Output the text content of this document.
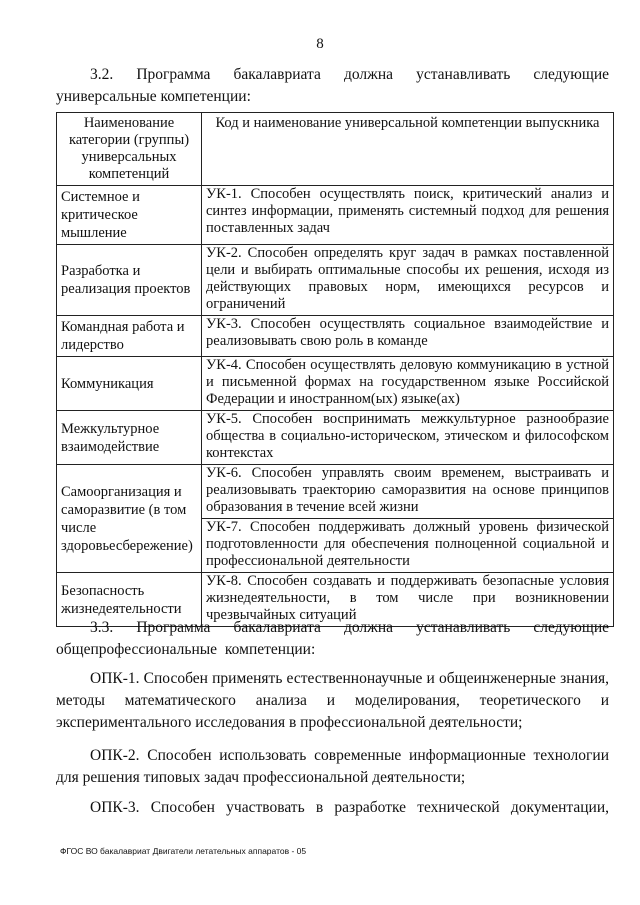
8
3.2. Программа бакалавриата должна устанавливать следующие универсальные компетенции:
Наименование категории (группы) универсальных компетенций	Код и наименование универсальной компетенции выпускника
Системное и критическое мышление	УК-1. Способен осуществлять поиск, критический анализ и синтез информации, применять системный подход для решения поставленных задач
Разработка и реализация проектов	УК-2. Способен определять круг задач в рамках поставленной цели и выбирать оптимальные способы их решения, исходя из действующих правовых норм, имеющихся ресурсов и ограничений
Командная работа и лидерство	УК-3. Способен осуществлять социальное взаимодействие и реализовывать свою роль в команде
Коммуникация	УК-4. Способен осуществлять деловую коммуникацию в устной и письменной формах на государственном языке Российской Федерации и иностранном(ых) языке(ах)
Межкультурное взаимодействие	УК-5. Способен воспринимать межкультурное разнообразие общества в социально-историческом, этическом и философском контекстах
Самоорганизация и саморазвитие (в том числе здоровьесбережение)	УК-6. Способен управлять своим временем, выстраивать и реализовывать траекторию саморазвития на основе принципов образования в течение всей жизни
	УК-7. Способен поддерживать должный уровень физической подготовленности для обеспечения полноценной социальной и профессиональной деятельности
Безопасность жизнедеятельности	УК-8. Способен создавать и поддерживать безопасные условия жизнедеятельности, в том числе при возникновении чрезвычайных ситуаций
3.3. Программа бакалавриата должна устанавливать следующие общепрофессиональные компетенции:
ОПК-1. Способен применять естественнонаучные и общеинженерные знания, методы математического анализа и моделирования, теоретического и экспериментального исследования в профессиональной деятельности;
ОПК-2. Способен использовать современные информационные технологии для решения типовых задач профессиональной деятельности;
ОПК-3. Способен участвовать в разработке технической документации,
ФГОС ВО бакалавриат Двигатели летательных аппаратов - 05
